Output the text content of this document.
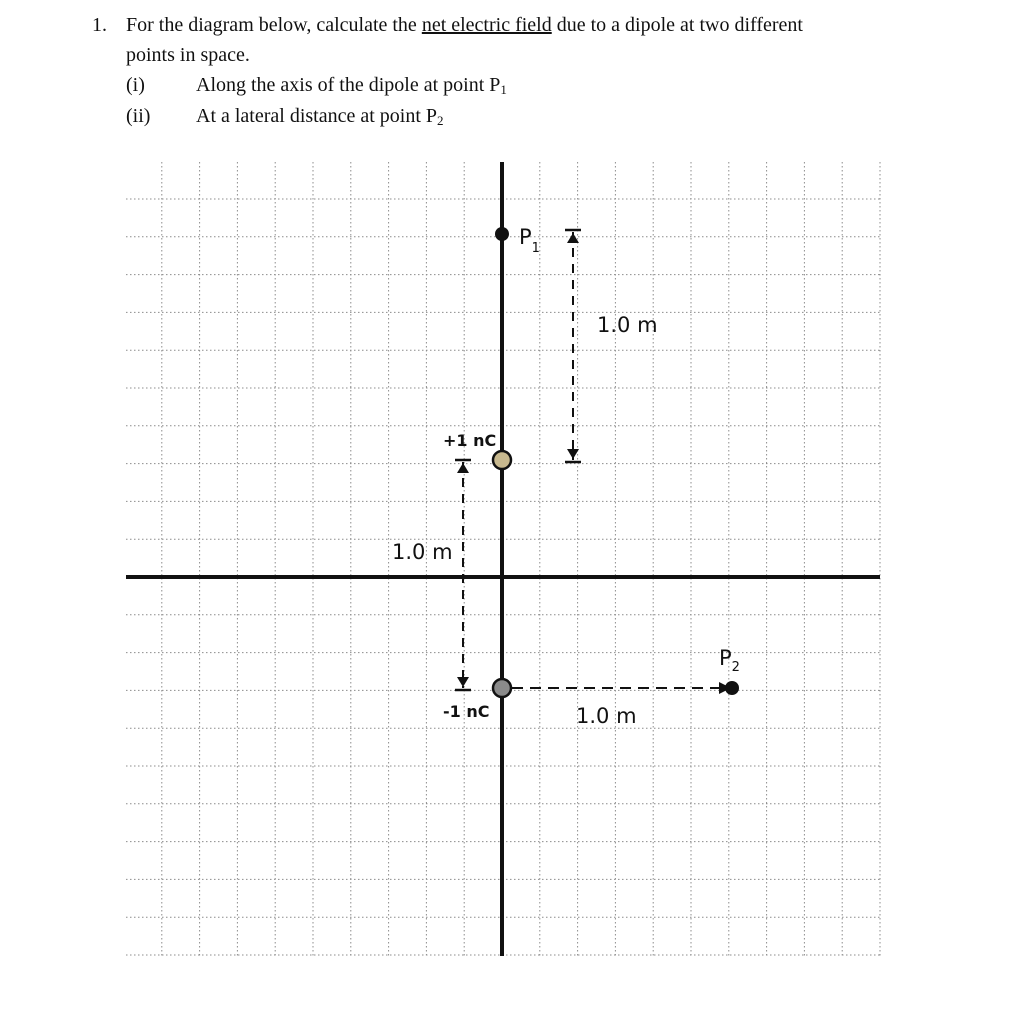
1. For the diagram below, calculate the net electric field due to a dipole at two different
points in space.
(i)	Along the axis of the dipole at point $P_1$
(ii)	At a lateral distance at point $P_2$
1.0 m
1.0 m
1.0 m
+1 nC
-1 nC
$P_1$
$P_2$
